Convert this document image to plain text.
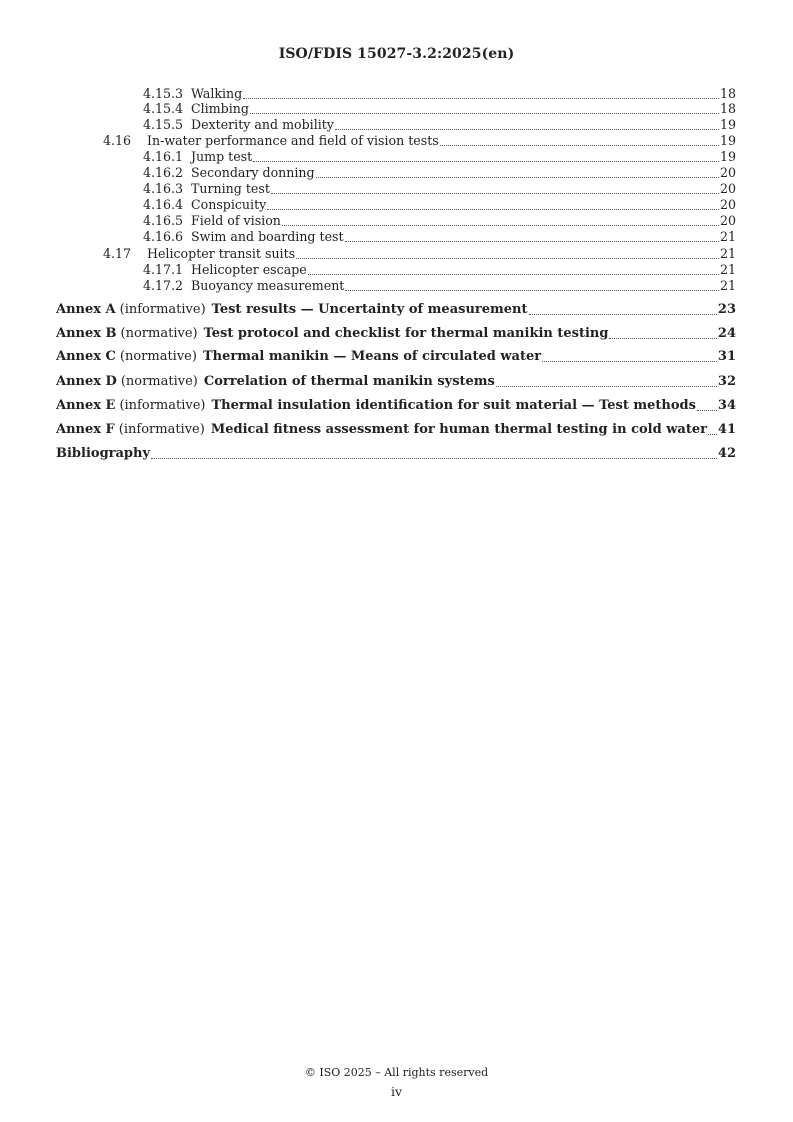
ISO/FDIS 15027-3.2:2025(en)
4.15.3 Walking	18
4.15.4 Climbing	18
4.15.5 Dexterity and mobility	19
4.16	In-water performance and field of vision tests	19
4.16.1 Jump test	19
4.16.2 Secondary donning	20
4.16.3 Turning test	20
4.16.4 Conspicuity	20
4.16.5 Field of vision	20
4.16.6 Swim and boarding test	21
4.17	Helicopter transit suits	21
4.17.1 Helicopter escape	21
4.17.2 Buoyancy measurement	21
Annex A (informative) Test results — Uncertainty of measurement	23
Annex B (normative) Test protocol and checklist for thermal manikin testing	24
Annex C (normative) Thermal manikin — Means of circulated water	31
Annex D (normative) Correlation of thermal manikin systems	32
Annex E (informative) Thermal insulation identification for suit material — Test methods 34
Annex F (informative) Medical fitness assessment for human thermal testing in cold water 41
Bibliography	42
© ISO 2025 – All rights reserved
iv
